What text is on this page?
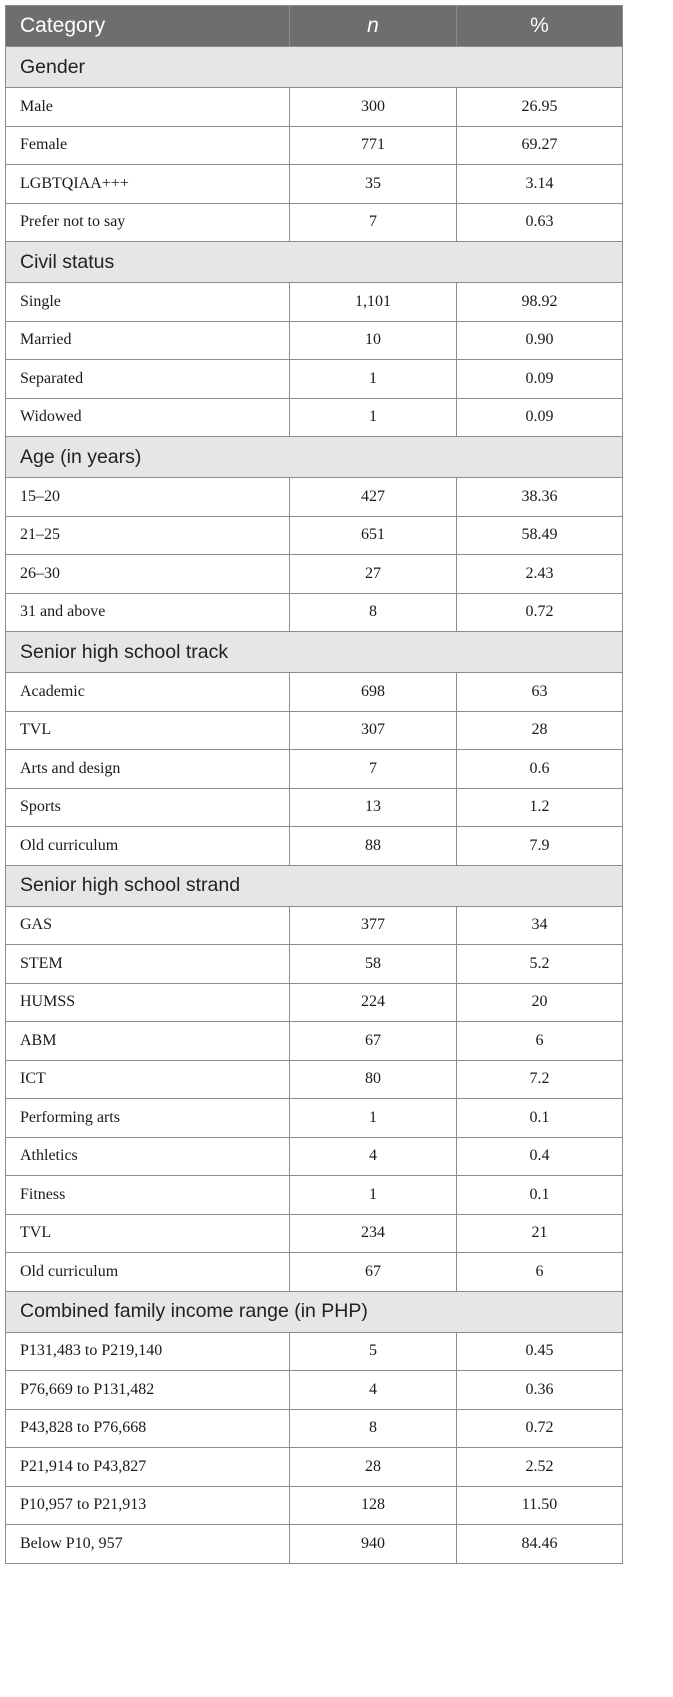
Category	n	%
Gender		
Male	300	26.95
Female	771	69.27
LGBTQIAA+++	35	3.14
Prefer not to say	7	0.63
Civil status		
Single	1,101	98.92
Married	10	0.90
Separated	1	0.09
Widowed	1	0.09
Age (in years)		
15–20	427	38.36
21–25	651	58.49
26–30	27	2.43
31 and above	8	0.72
Senior high school track		
Academic	698	63
TVL	307	28
Arts and design	7	0.6
Sports	13	1.2
Old curriculum	88	7.9
Senior high school strand		
GAS	377	34
STEM	58	5.2
HUMSS	224	20
ABM	67	6
ICT	80	7.2
Performing arts	1	0.1
Athletics	4	0.4
Fitness	1	0.1
TVL	234	21
Old curriculum	67	6
Combined family income range (in PHP)		
P131,483 to P219,140	5	0.45
P76,669 to P131,482	4	0.36
P43,828 to P76,668	8	0.72
P21,914 to P43,827	28	2.52
P10,957 to P21,913	128	11.50
Below P10, 957	940	84.46
